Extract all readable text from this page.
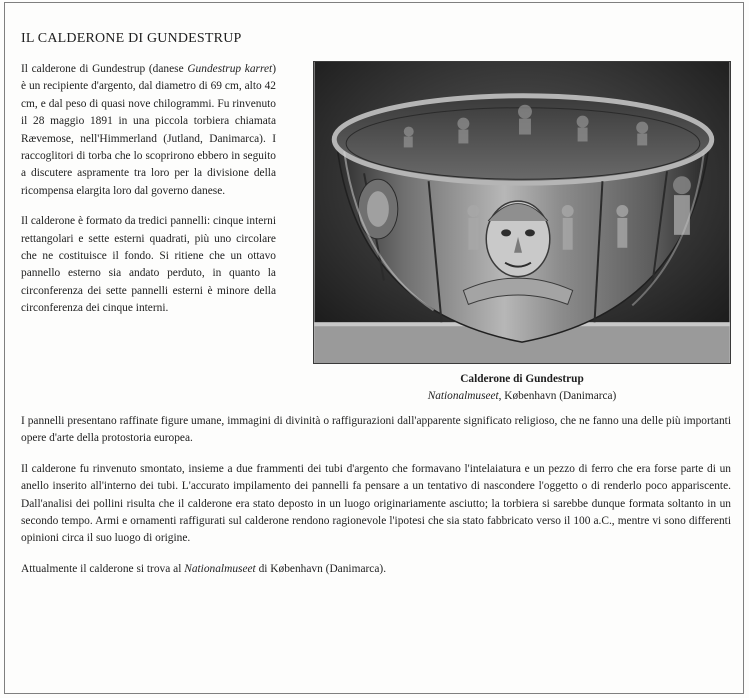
IL CALDERONE DI GUNDESTRUP
Calderone di Gundestrup
Nationalmuseet, København (Danimarca)

Il calderone di Gundestrup (danese Gundestrup karret) è un recipiente d'argento, dal diametro di 69 cm, alto 42 cm, e dal peso di quasi nove chilogrammi. Fu rinvenuto il 28 maggio 1891 in una piccola torbiera chiamata Rævemose, nell'Himmerland (Jutland, Danimarca). I raccoglitori di torba che lo scoprirono ebbero in seguito a discutere aspramente tra loro per la divisione della ricompensa elargita loro dal governo danese.

Il calderone è formato da tredici pannelli: cinque interni rettangolari e sette esterni quadrati, più uno circolare che ne costituisce il fondo. Si ritiene che un ottavo pannello esterno sia andato perduto, in quanto la circonferenza dei sette pannelli esterni è minore della circonferenza dei cinque interni.

I pannelli presentano raffinate figure umane, immagini di divinità o raffigurazioni dall'apparente significato religioso, che ne fanno una delle più importanti opere d'arte della protostoria europea.

Il calderone fu rinvenuto smontato, insieme a due frammenti dei tubi d'argento che formavano l'intelaiatura e un pezzo di ferro che era forse parte di un anello inserito all'interno dei tubi. L'accurato impilamento dei pannelli fa pensare a un tentativo di nascondere l'oggetto o di renderlo poco appariscente. Dall'analisi dei pollini risulta che il calderone era stato deposto in un luogo originariamente asciutto; la torbiera si sarebbe dunque formata soltanto in un secondo tempo. Armi e ornamenti raffigurati sul calderone rendono ragionevole l'ipotesi che sia stato fabbricato verso il 100 a.C., mentre vi sono differenti opinioni circa il suo luogo di origine.

Attualmente il calderone si trova al Nationalmuseet di København (Danimarca).
